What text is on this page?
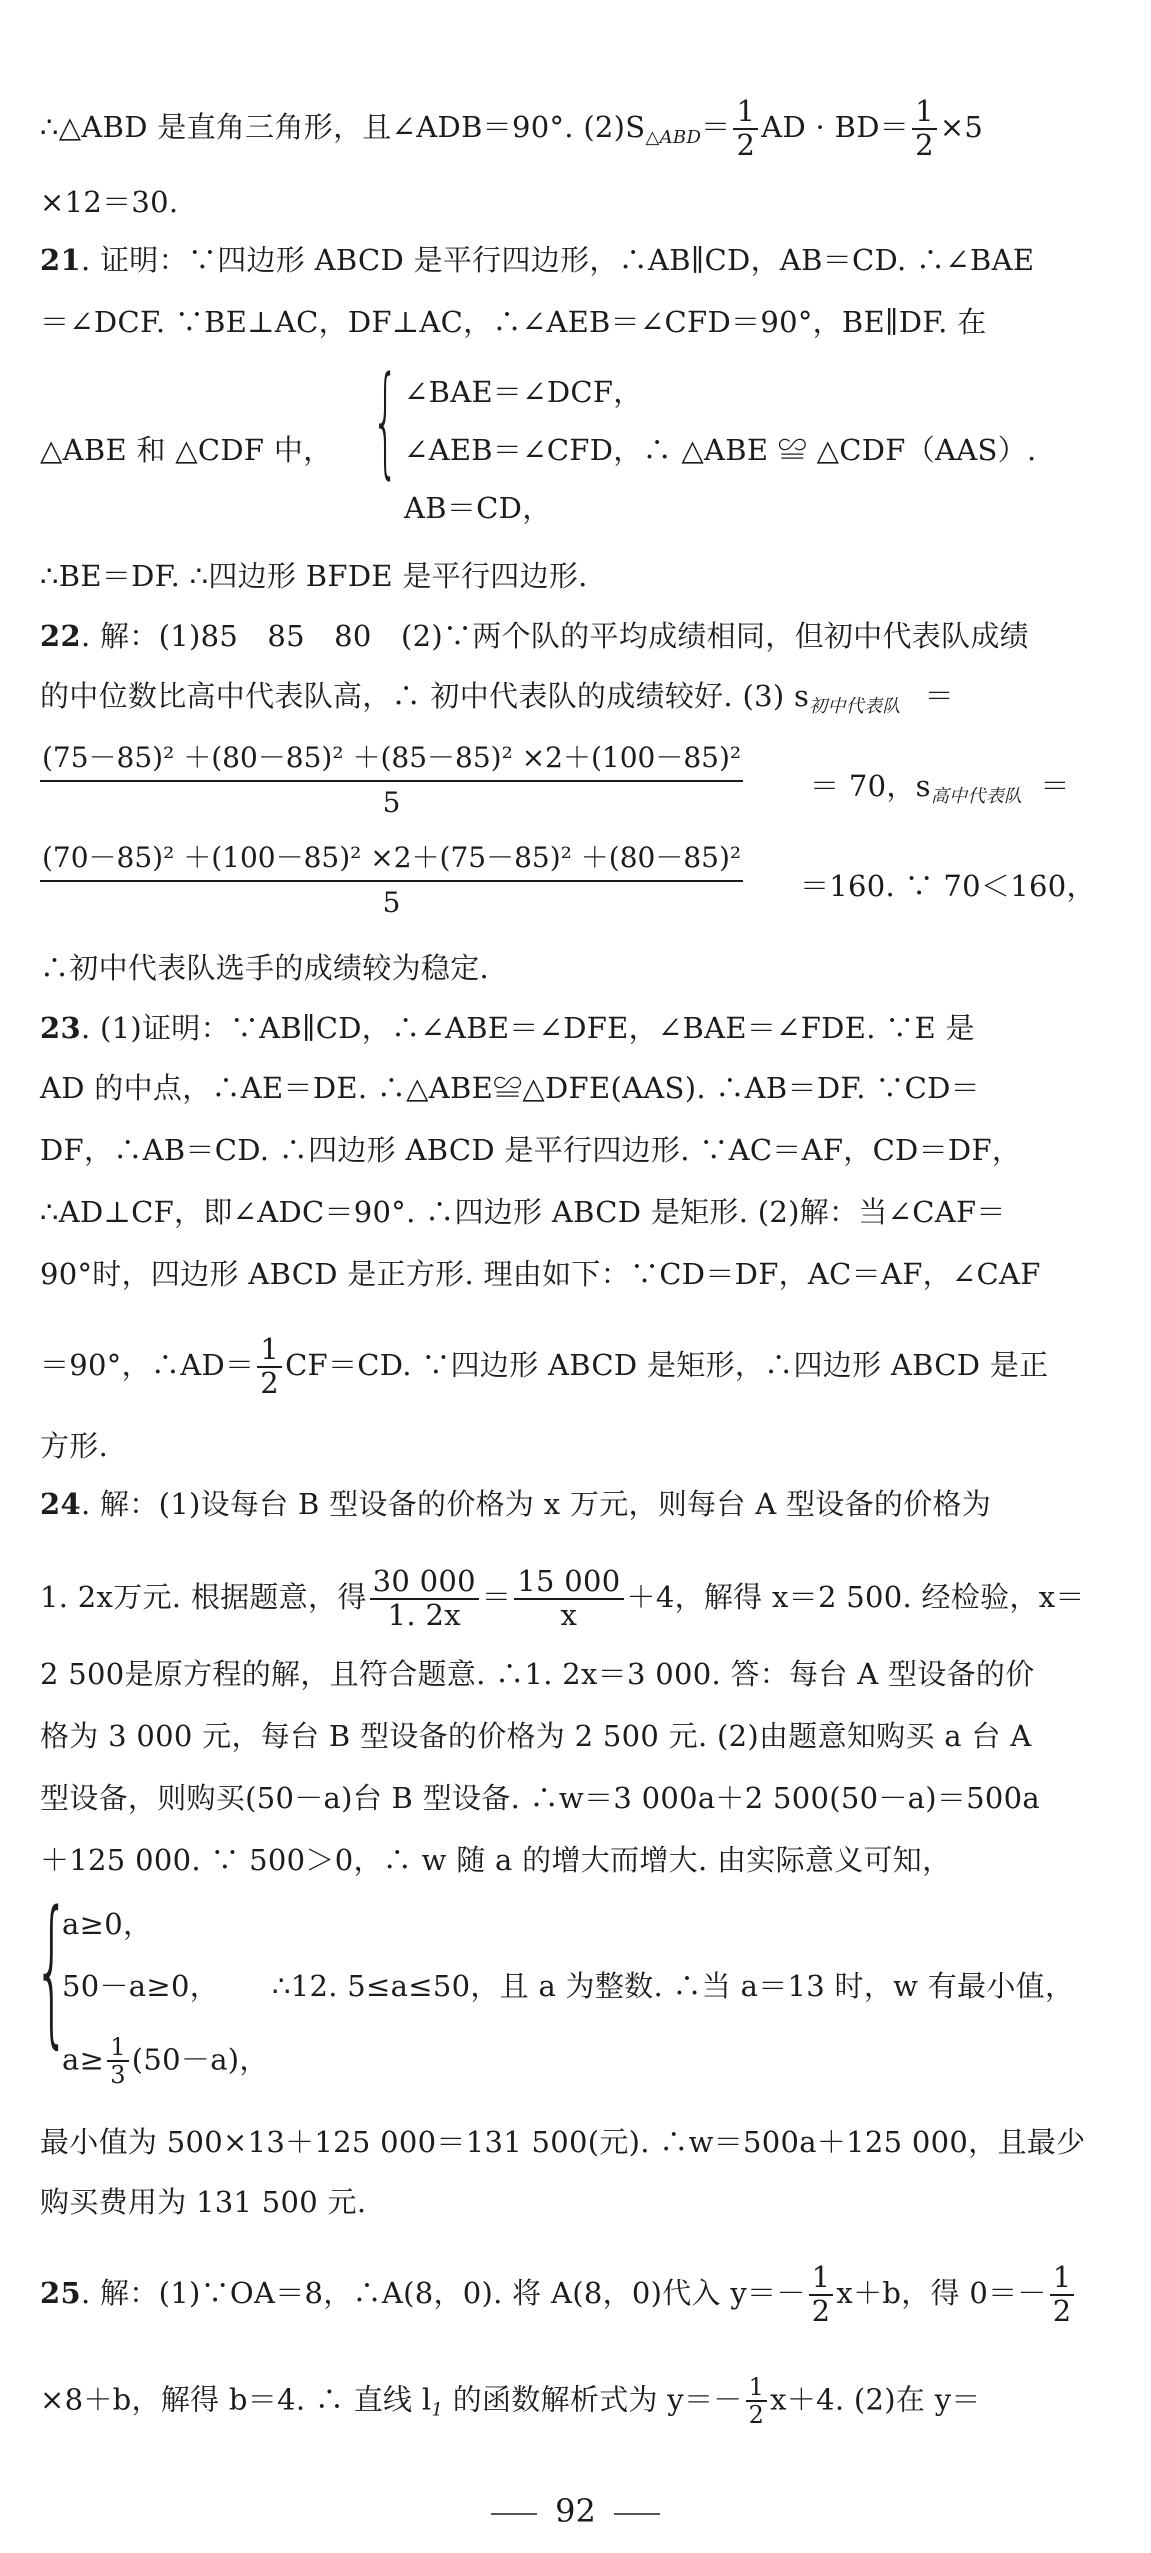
∴△ABD 是直角三角形，且∠ADB＝90°. $(2)S_{\triangle ABD}= \frac{1}{2}$ AD · $BD= \frac{1}{2} \times 5$
×12＝30.
21. 证明：∵四边形 ABCD 是平行四边形，∴AB∥CD，AB＝CD. ∴∠BAE
＝∠DCF. ∵BE⊥AC，DF⊥AC，∴∠AEB＝∠CFD＝90°，BE∥DF. 在
{ ∠BAE＝∠DCF，
△ABE 和 △CDF 中，	∠AEB＝∠CFD，∴ △ABE ≌ △CDF（AAS）.
AB＝CD，
∴BE＝DF. ∴四边形 BFDE 是平行四边形.
22. 解：(1)85　85　80　(2)∵两个队的平均成绩相同，但初中代表队成绩
的中位数比高中代表队高，∴ 初中代表队的成绩较好. (3) $s_{初中代表队}$ ＝
$\frac{\text{(75－85)² ＋(80－85)² ＋(85－85)² ×2＋(100－85)²}}{5} = 70$，$s_{高中代表队}$ ＝
$\frac{\text{(70－85)² ＋(100－85)² ×2＋(75－85)² ＋(80－85)²}}{5} =160$. ∵ 70＜160，
∴初中代表队选手的成绩较为稳定.
23. (1)证明：∵AB∥CD，∴∠ABE＝∠DFE，∠BAE＝∠FDE. ∵E 是
AD 的中点，∴AE＝DE. ∴△ABE≌△DFE(AAS). ∴AB＝DF. ∵CD＝
DF，∴AB＝CD. ∴四边形 ABCD 是平行四边形. ∵AC＝AF，CD＝DF，
∴AD⊥CF，即∠ADC＝90°. ∴四边形 ABCD 是矩形. (2)解：当∠CAF＝
90°时，四边形 ABCD 是正方形. 理由如下：∵CD＝DF，AC＝AF，∠CAF
＝90°，∴AD＝ $\frac{1}{2} CF=CD$. ∵四边形 ABCD 是矩形，∴四边形 ABCD 是正
方形.
24. 解：(1)设每台 B 型设备的价格为 x 万元，则每台 A 型设备的价格为
1. 2x万元. 根据题意，得 $\frac{30 000}{1. 2x} = \frac{15 000}{x} +4$，解得 x＝2 500. 经检验，x＝
2 500是原方程的解，且符合题意. ∴1. 2x＝3 000. 答：每台 A 型设备的价
格为 3 000 元，每台 B 型设备的价格为 2 500 元. (2)由题意知购买 a 台 A
型设备，则购买(50－a)台 B 型设备. ∴w＝3 000a＋2 500(50－a)＝500a
＋125 000. ∵ 500＞0，∴ w 随 a 的增大而增大. 由实际意义可知，
{
a≥0，
50－a≥0，
$a\ge \frac{1}{3} (50-a)$，
∴12. 5≤a≤50，且 a 为整数. ∴当 a＝13 时，w 有最小值，
最小值为 500×13＋125 000＝131 500(元). ∴w＝500a＋125 000，且最少
购买费用为 131 500 元.
25. 解：(1)∵OA＝8，∴A(8，0). 将 A(8，0)代入 $y=- \frac{1}{2} x+b$，得 $0=- \frac{1}{2}$
×8＋b，解得 b＝4. ∴ 直线 $l_1$ 的函数解析式为 $y=- \frac{1}{2} x+4$. (2)在 y＝
92
